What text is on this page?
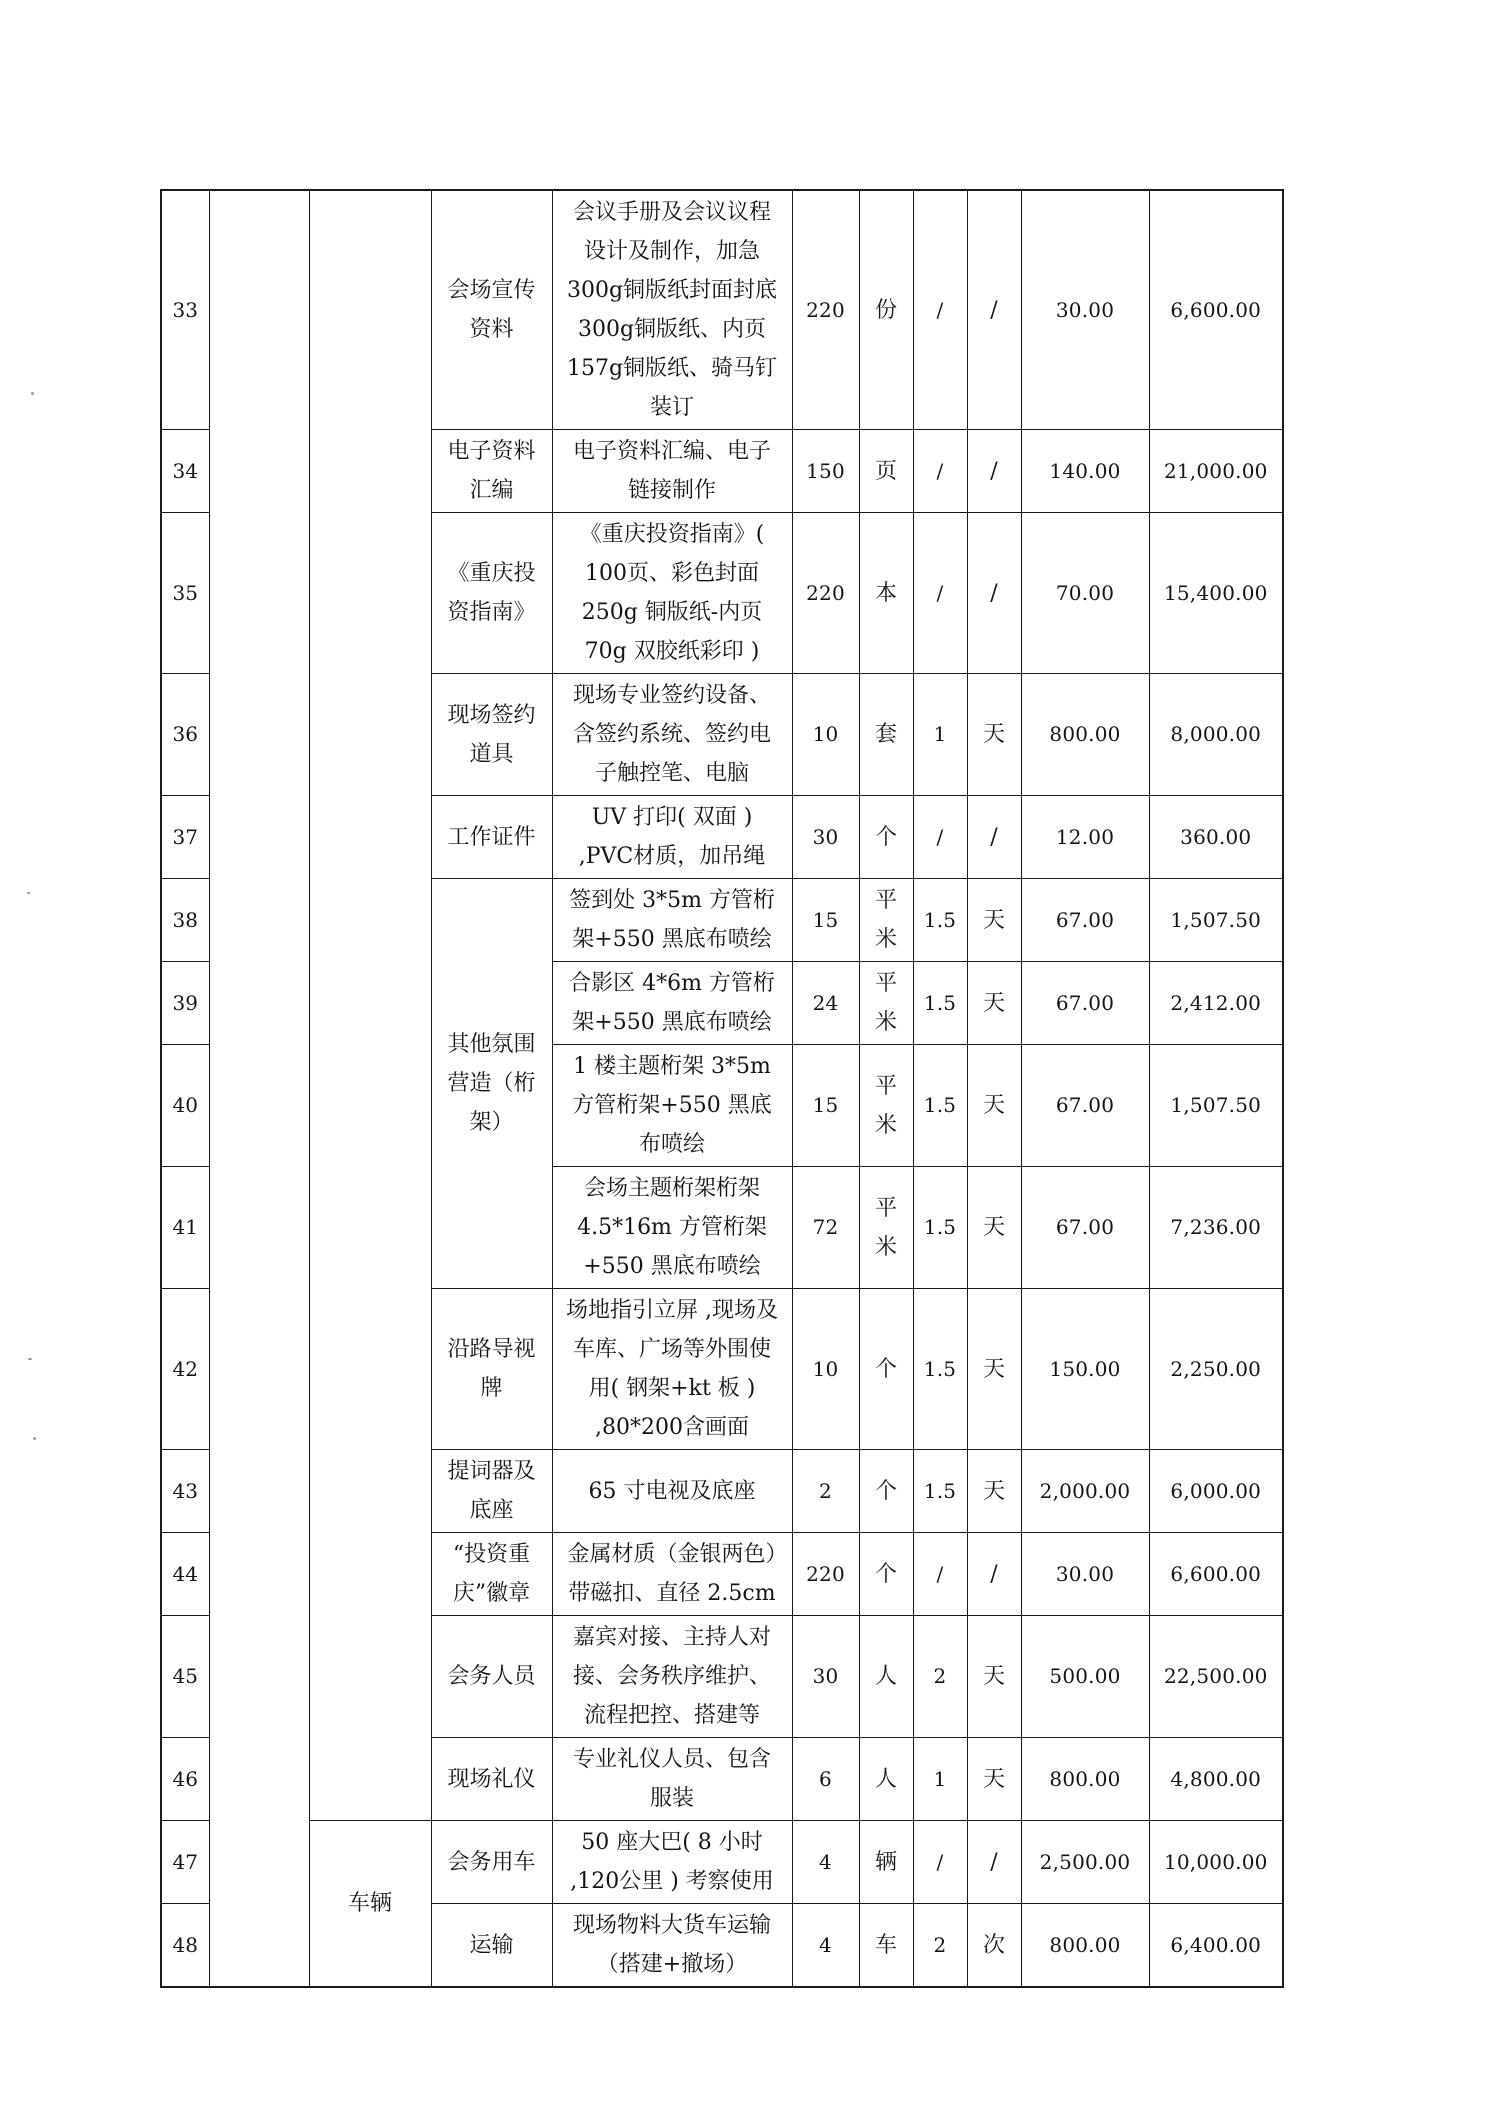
33			会场宣传资料	会议手册及会议议程设计及制作，加急300g铜版纸封面封底300g铜版纸、内页157g铜版纸、骑马钉装订	220	份	/	/	30.00	6,600.00
34			电子资料汇编	电子资料汇编、电子链接制作	150	页	/	/	140.00	21,000.00
35			《重庆投资指南》	《重庆投资指南》( 100页、彩色封面 250g 铜版纸-内页 70g 双胶纸彩印 )	220	本	/	/	70.00	15,400.00
36			现场签约道具	现场专业签约设备、含签约系统、签约电子触控笔、电脑	10	套	1	天	800.00	8,000.00
37			工作证件	UV 打印( 双面 ) ,PVC材质，加吊绳	30	个	/	/	12.00	360.00
38			其他氛围营造（桁架）	签到处 3*5m 方管桁架+550 黑底布喷绘	15	平米	1.5	天	67.00	1,507.50
39				合影区 4*6m 方管桁架+550 黑底布喷绘	24	平米	1.5	天	67.00	2,412.00
40				1 楼主题桁架 3*5m 方管桁架+550 黑底布喷绘	15	平米	1.5	天	67.00	1,507.50
41				会场主题桁架桁架4.5*16m 方管桁架+550 黑底布喷绘	72	平米	1.5	天	67.00	7,236.00
42			沿路导视牌	场地指引立屏 ,现场及车库、广场等外围使用( 钢架+kt 板 ) ,80*200含画面	10	个	1.5	天	150.00	2,250.00
43			提词器及底座	65 寸电视及底座	2	个	1.5	天	2,000.00	6,000.00
44			“投资重庆”徽章	金属材质（金银两色）带磁扣、直径 2.5cm	220	个	/	/	30.00	6,600.00
45			会务人员	嘉宾对接、主持人对接、会务秩序维护、流程把控、搭建等	30	人	2	天	500.00	22,500.00
46			现场礼仪	专业礼仪人员、包含服装	6	人	1	天	800.00	4,800.00
47		车辆	会务用车	50 座大巴( 8 小时 ,120公里 ) 考察使用	4	辆	/	/	2,500.00	10,000.00
48			运输	现场物料大货车运输（搭建+撤场）	4	车	2	次	800.00	6,400.00
